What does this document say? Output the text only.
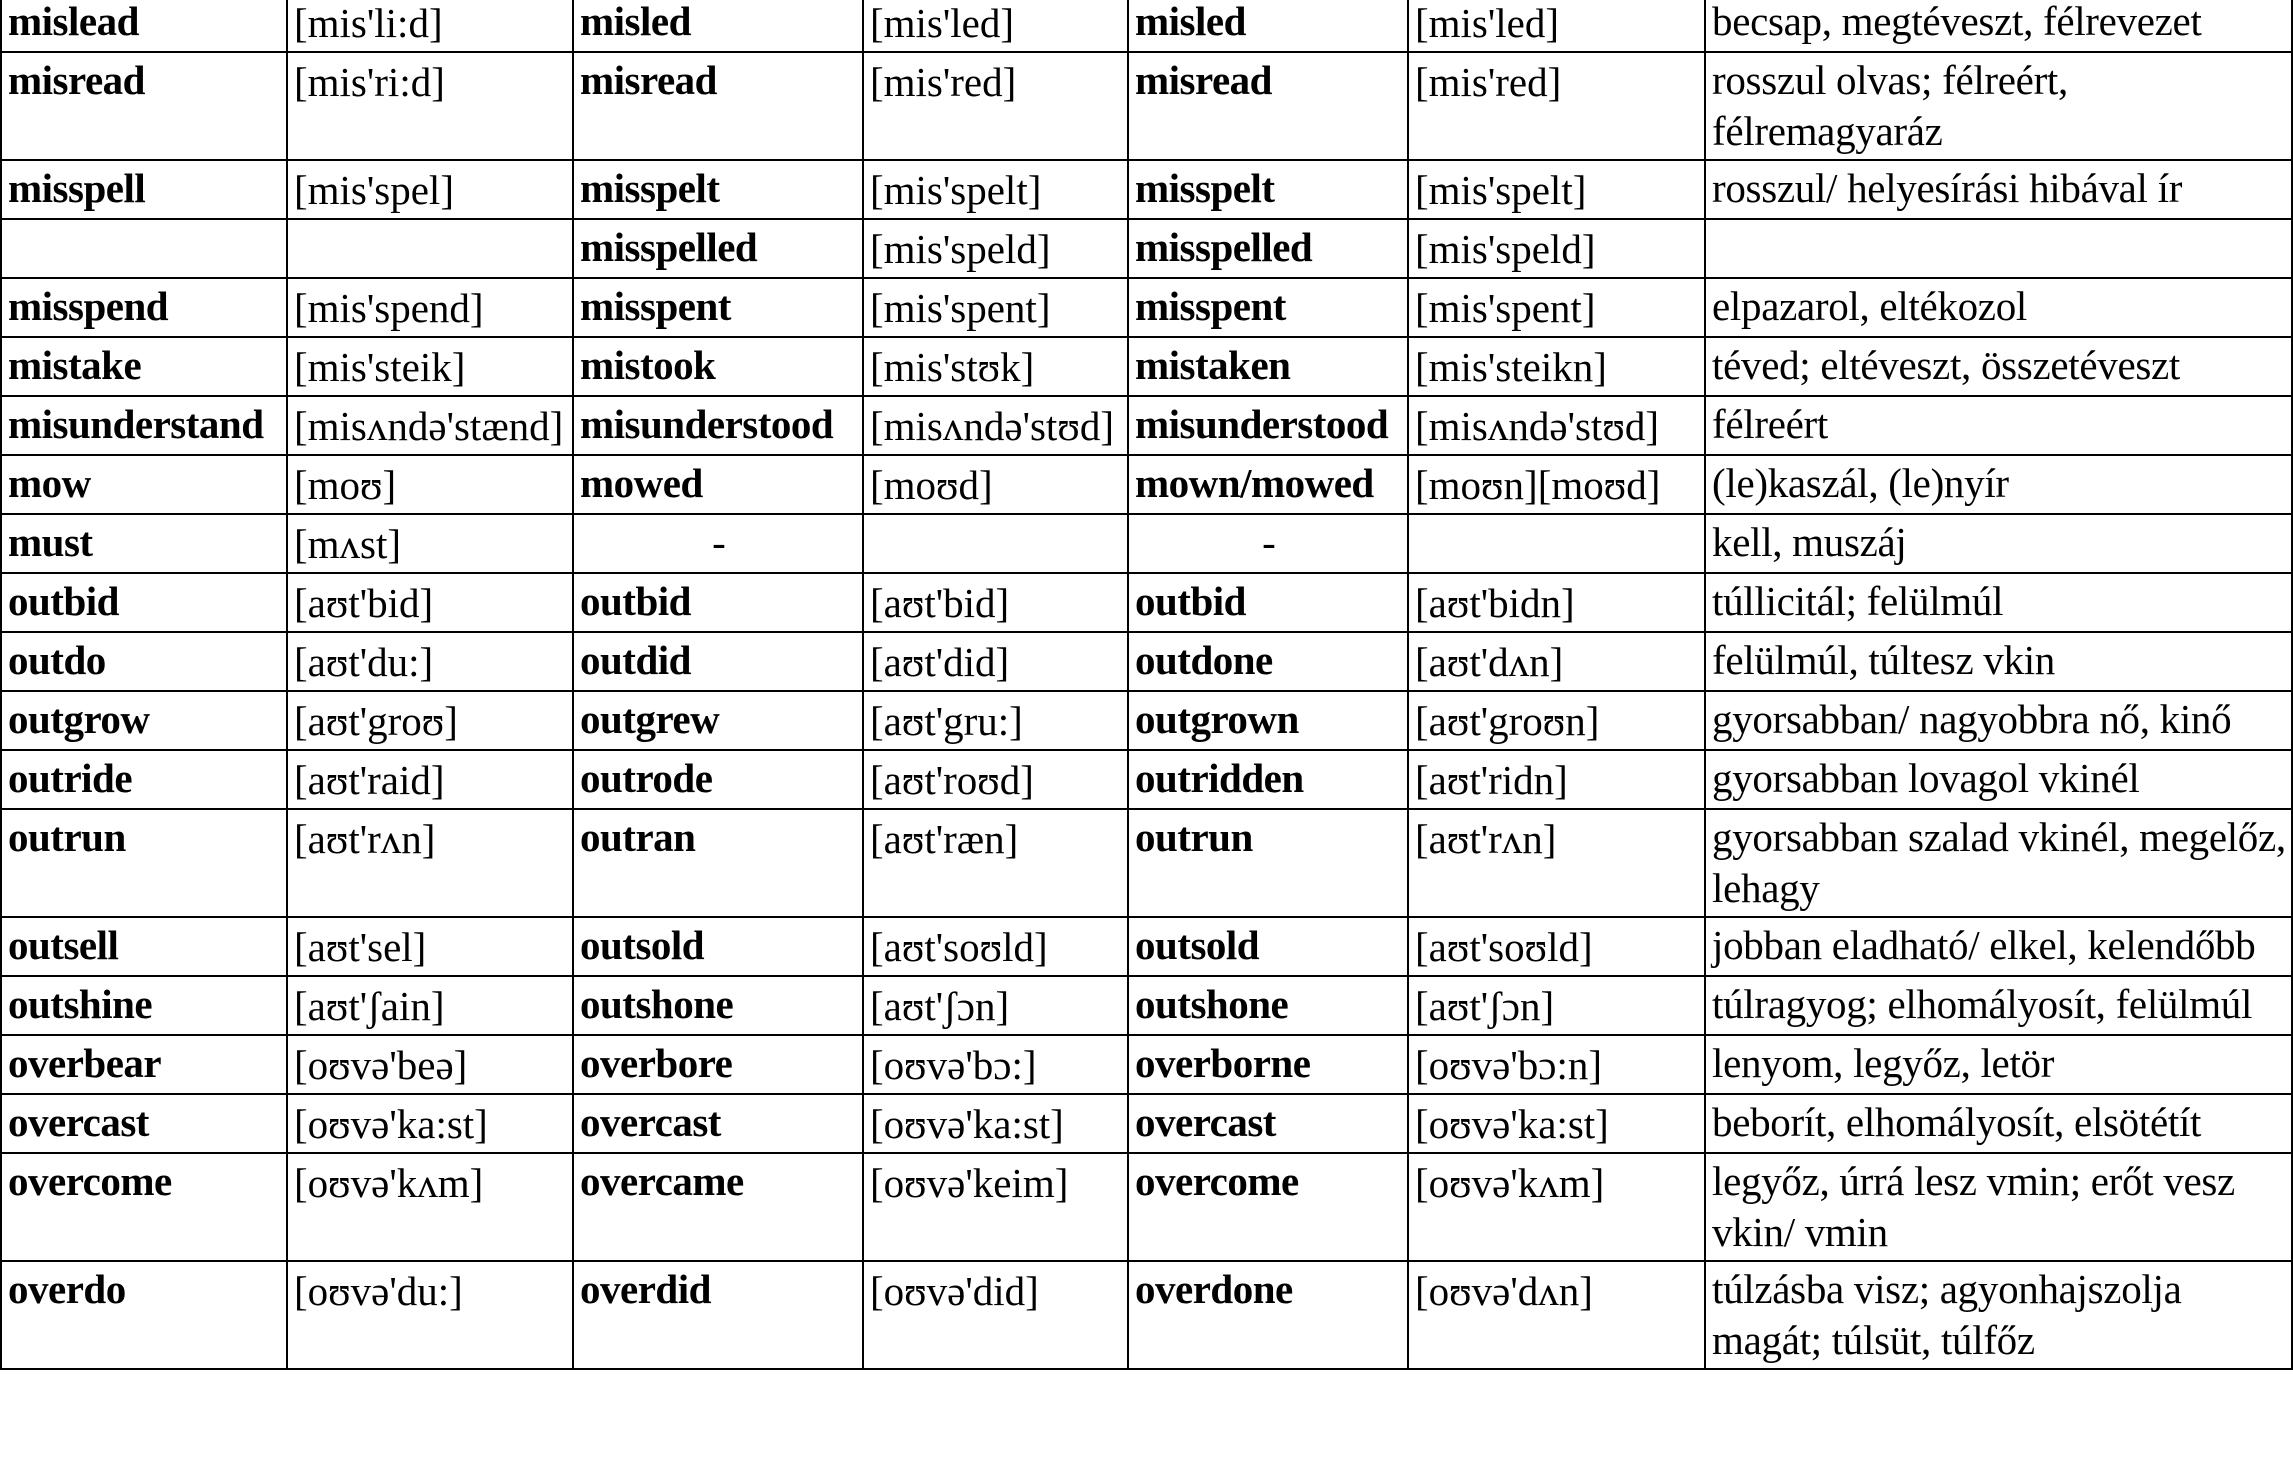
mislead	[mis'li:d]	misled	[mis'led]	misled	[mis'led]	becsap, megtéveszt, félrevezet
misread	[mis'ri:d]	misread	[mis'red]	misread	[mis'red]	rosszul olvas; félreért, félremagyaráz
misspell	[mis'spel]	misspelt	[mis'spelt]	misspelt	[mis'spelt]	rosszul/ helyesírási hibával ír
		misspelled	[mis'speld]	misspelled	[mis'speld]	
misspend	[mis'spend]	misspent	[mis'spent]	misspent	[mis'spent]	elpazarol, eltékozol
mistake	[mis'steik]	mistook	[mis'stʊk]	mistaken	[mis'steikn]	téved; eltéveszt, összetéveszt
misunderstand	[misʌndə'stænd]	misunderstood	[misʌndə'stʊd]	misunderstood	[misʌndə'stʊd]	félreért
mow	[moʊ]	mowed	[moʊd]	mown/mowed	[moʊn][moʊd]	(le)kaszál, (le)nyír
must	[mʌst]	-		-		kell, muszáj
outbid	[aʊt'bid]	outbid	[aʊt'bid]	outbid	[aʊt'bidn]	túllicitál; felülmúl
outdo	[aʊt'du:]	outdid	[aʊt'did]	outdone	[aʊt'dʌn]	felülmúl, túltesz vkin
outgrow	[aʊt'groʊ]	outgrew	[aʊt'gru:]	outgrown	[aʊt'groʊn]	gyorsabban/ nagyobbra nő, kinő
outride	[aʊt'raid]	outrode	[aʊt'roʊd]	outridden	[aʊt'ridn]	gyorsabban lovagol vkinél
outrun	[aʊt'rʌn]	outran	[aʊt'ræn]	outrun	[aʊt'rʌn]	gyorsabban szalad vkinél, megelőz, lehagy
outsell	[aʊt'sel]	outsold	[aʊt'soʊld]	outsold	[aʊt'soʊld]	jobban eladható/ elkel, kelendőbb
outshine	[aʊt'ʃain]	outshone	[aʊt'ʃɔn]	outshone	[aʊt'ʃɔn]	túlragyog; elhomályosít, felülmúl
overbear	[oʊvə'beə]	overbore	[oʊvə'bɔ:]	overborne	[oʊvə'bɔ:n]	lenyom, legyőz, letör
overcast	[oʊvə'ka:st]	overcast	[oʊvə'ka:st]	overcast	[oʊvə'ka:st]	beborít, elhomályosít, elsötétít
overcome	[oʊvə'kʌm]	overcame	[oʊvə'keim]	overcome	[oʊvə'kʌm]	legyőz, úrrá lesz vmin; erőt vesz vkin/ vmin
overdo	[oʊvə'du:]	overdid	[oʊvə'did]	overdone	[oʊvə'dʌn]	túlzásba visz; agyonhajszolja magát; túlsüt, túlfőz
